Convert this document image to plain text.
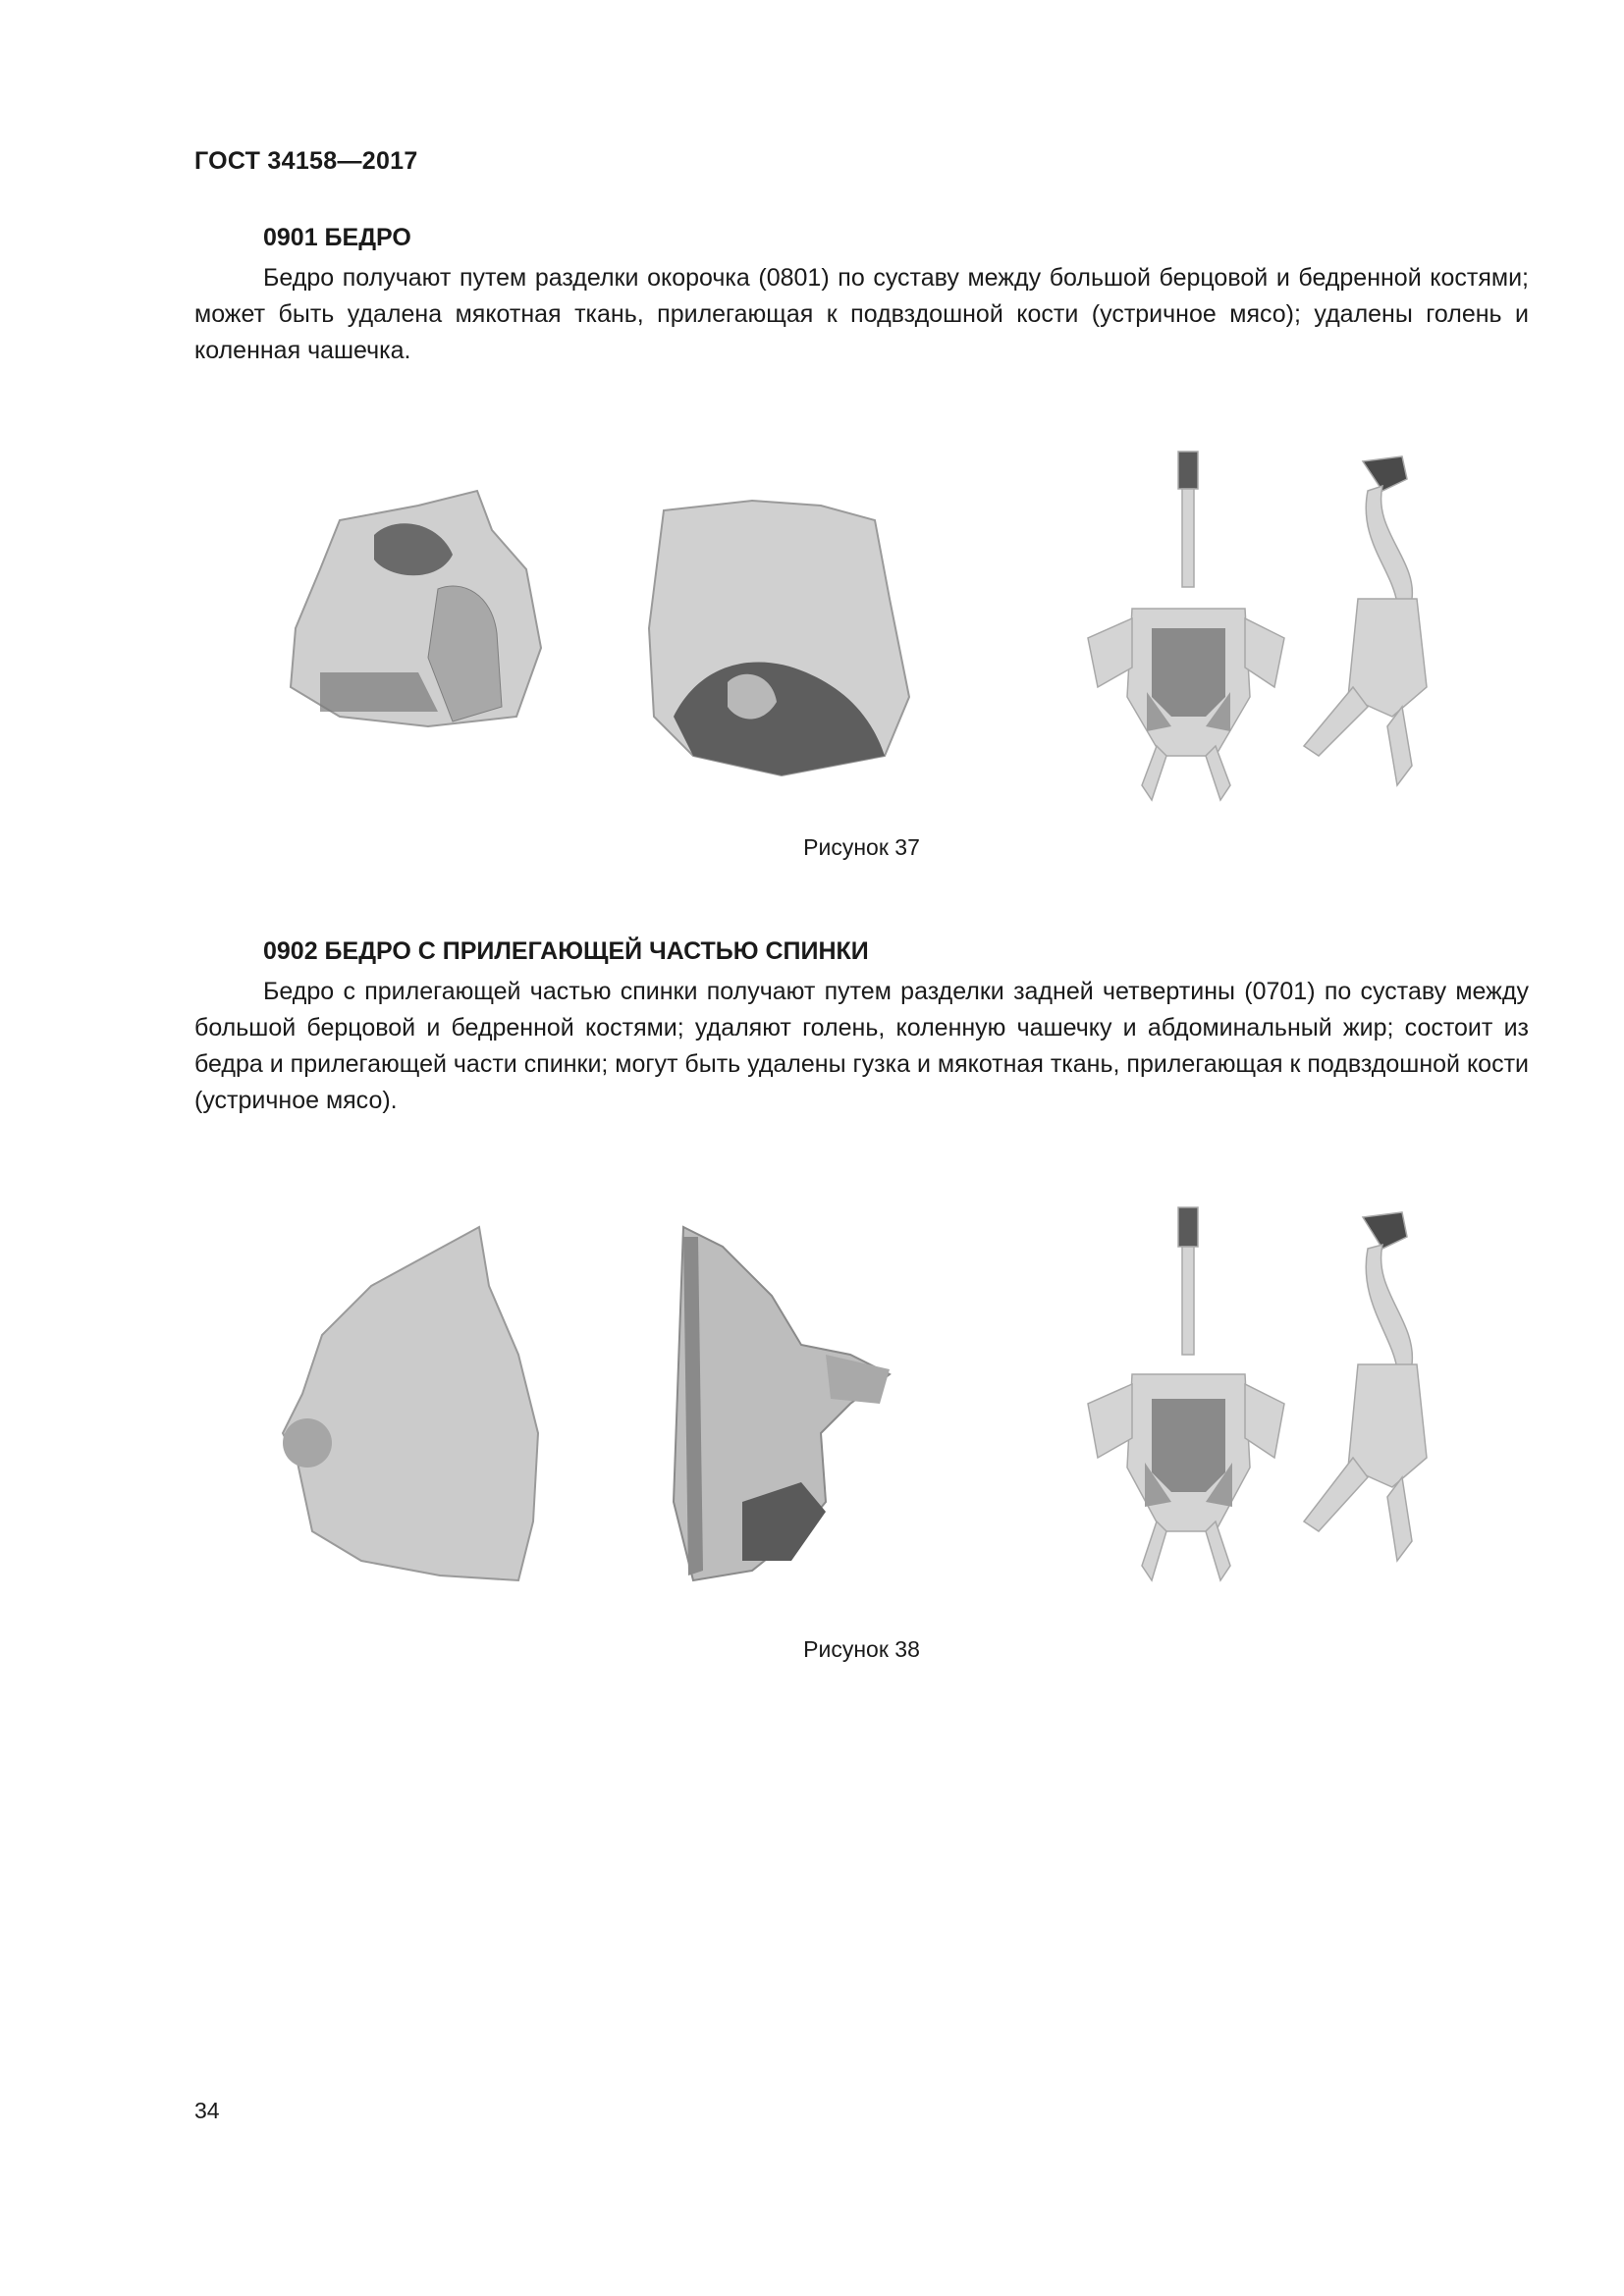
ГОСТ 34158—2017
0901 БЕДРО

Бедро получают путем разделки окорочка (0801) по суставу между большой берцовой и бедренной костями; может быть удалена мякотная ткань, прилегающая к подвздошной кости (устричное мясо); удалены голень и коленная чашечка.

Рисунок 37
0902 БЕДРО С ПРИЛЕГАЮЩЕЙ ЧАСТЬЮ СПИНКИ

Бедро с прилегающей частью спинки получают путем разделки задней четвертины (0701) по суставу между большой берцовой и бедренной костями; удаляют голень, коленную чашечку и абдоминальный жир; состоит из бедра и прилегающей части спинки; могут быть удалены гузка и мякотная ткань, прилегающая к подвздошной кости (устричное мясо).

Рисунок 38
34
